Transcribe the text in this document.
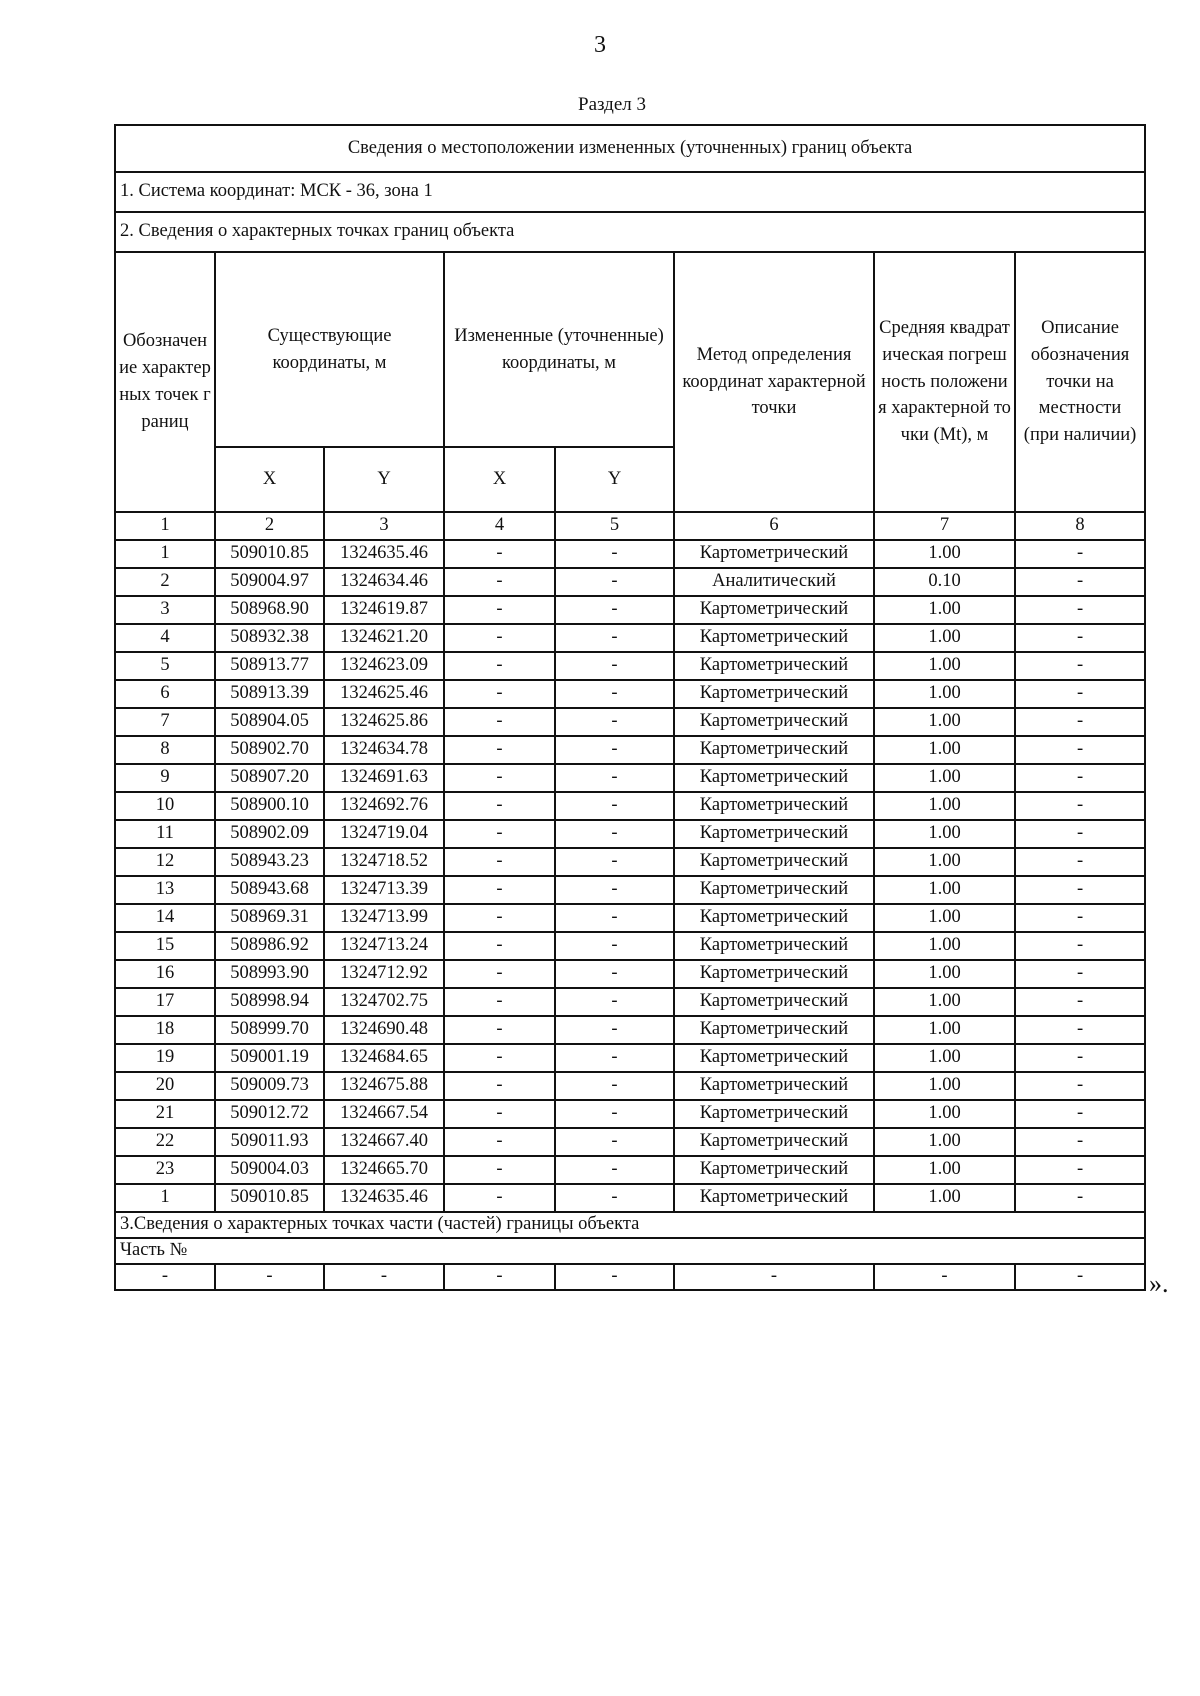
3
Раздел 3
Сведения о местоположении измененных (уточненных) границ объекта							
1. Система координат: МСК - 36, зона 1							
2. Сведения о характерных точках границ объекта							
Обозначение характерных точек границ	Существующие координаты, м		Измененные (уточненные) координаты, м		Метод определения координат характерной точки	Средняя квадратическая погрешность положения характерной точки (Mt), м	Описание обозначения точки на местности (при наличии)
	X	Y	X	Y			
1	2	3	4	5	6	7	8
1	509010.85	1324635.46	-	-	Картометрический	1.00	-
2	509004.97	1324634.46	-	-	Аналитический	0.10	-
3	508968.90	1324619.87	-	-	Картометрический	1.00	-
4	508932.38	1324621.20	-	-	Картометрический	1.00	-
5	508913.77	1324623.09	-	-	Картометрический	1.00	-
6	508913.39	1324625.46	-	-	Картометрический	1.00	-
7	508904.05	1324625.86	-	-	Картометрический	1.00	-
8	508902.70	1324634.78	-	-	Картометрический	1.00	-
9	508907.20	1324691.63	-	-	Картометрический	1.00	-
10	508900.10	1324692.76	-	-	Картометрический	1.00	-
11	508902.09	1324719.04	-	-	Картометрический	1.00	-
12	508943.23	1324718.52	-	-	Картометрический	1.00	-
13	508943.68	1324713.39	-	-	Картометрический	1.00	-
14	508969.31	1324713.99	-	-	Картометрический	1.00	-
15	508986.92	1324713.24	-	-	Картометрический	1.00	-
16	508993.90	1324712.92	-	-	Картометрический	1.00	-
17	508998.94	1324702.75	-	-	Картометрический	1.00	-
18	508999.70	1324690.48	-	-	Картометрический	1.00	-
19	509001.19	1324684.65	-	-	Картометрический	1.00	-
20	509009.73	1324675.88	-	-	Картометрический	1.00	-
21	509012.72	1324667.54	-	-	Картометрический	1.00	-
22	509011.93	1324667.40	-	-	Картометрический	1.00	-
23	509004.03	1324665.70	-	-	Картометрический	1.00	-
1	509010.85	1324635.46	-	-	Картометрический	1.00	-
3.Сведения о характерных точках части (частей) границы объекта							
Часть №							
-	-	-	-	-	-	-	-	».
